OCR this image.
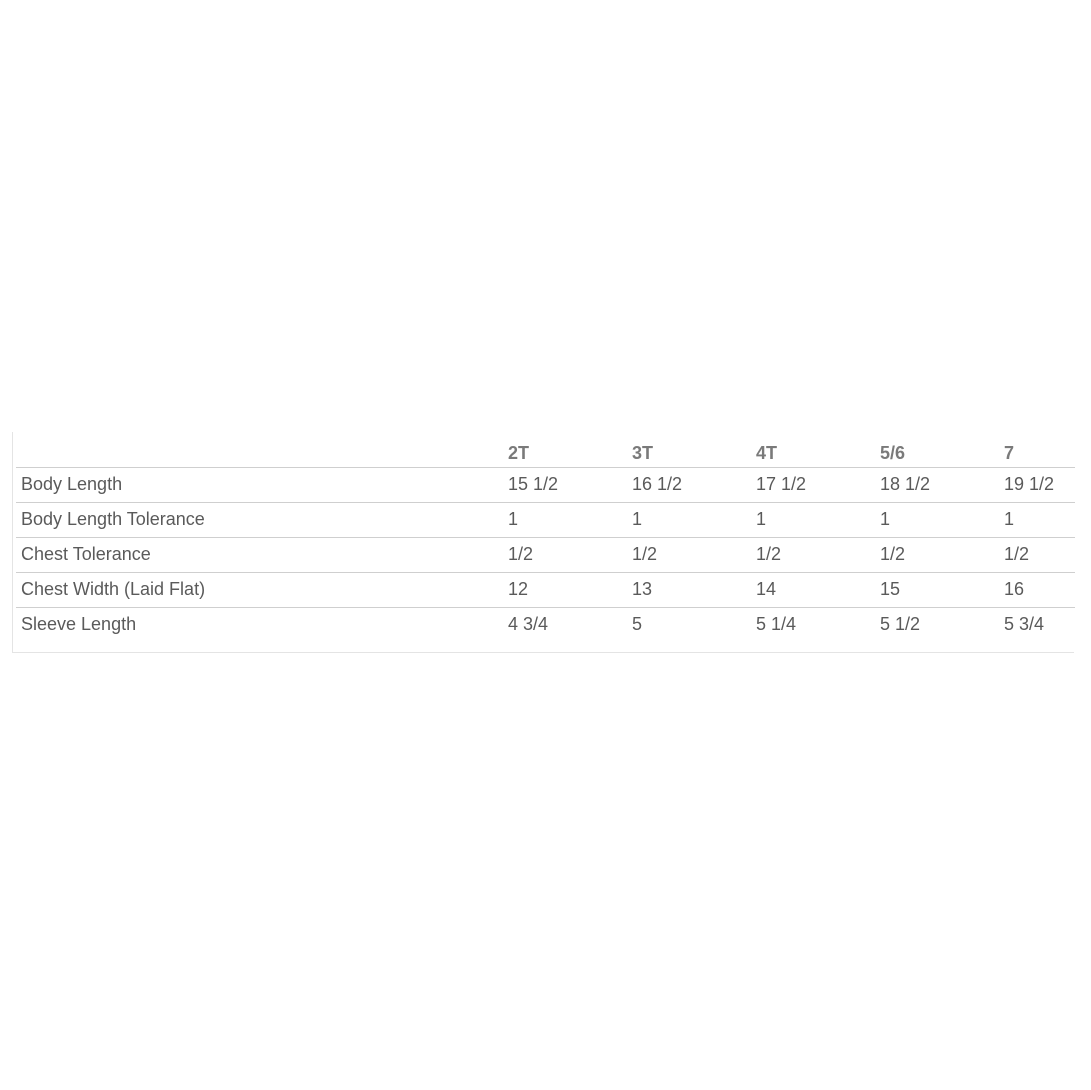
	2T	3T	4T	5/6	7
Body Length	15 1/2	16 1/2	17 1/2	18 1/2	19 1/2
Body Length Tolerance	1	1	1	1	1
Chest Tolerance	1/2	1/2	1/2	1/2	1/2
Chest Width (Laid Flat)	12	13	14	15	16
Sleeve Length	4 3/4	5	5 1/4	5 1/2	5 3/4
